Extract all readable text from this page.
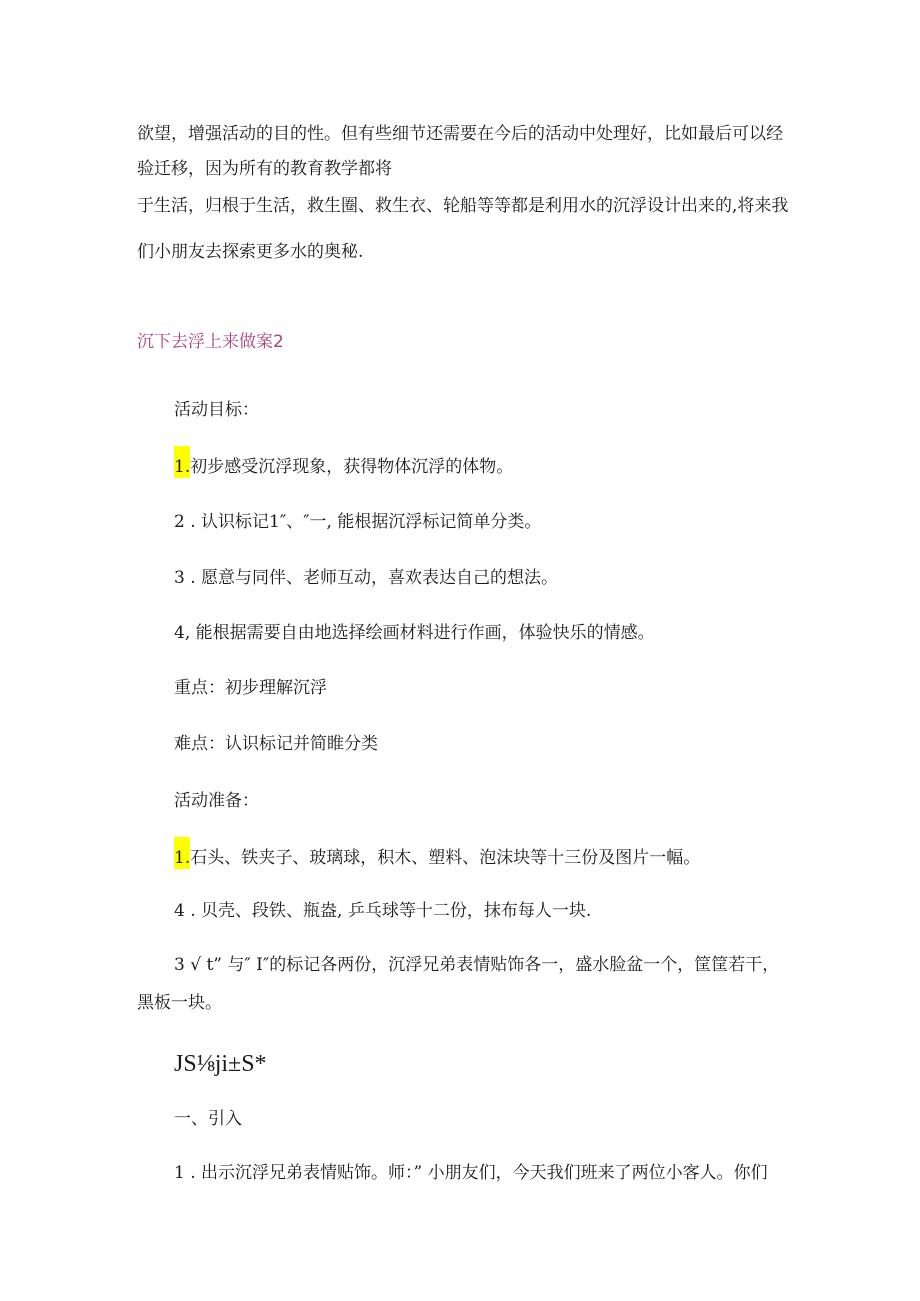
欲望，增强活动的目的性。但有些细节还需要在今后的活动中处理好，比如最后可以经

验迁移，因为所有的教育教学都将

于生活，归根于生活，救生圈、救生衣、轮船等等都是利用水的沉浮设计出来的,将来我

们小朋友去探索更多水的奥秘.

沉下去浮上来做案2

活动目标：

1.初步感受沉浮现象，获得物体沉浮的体物。

2 . 认识标记1″、″一, 能根据沉浮标记简单分类。

3 . 愿意与同伴、老师互动，喜欢表达自己的想法。

4, 能根据需要自由地选择绘画材料进行作画，体验快乐的情感。

重点：初步理解沉浮

难点：认识标记并简睢分类

活动准备：

1.石头、铁夹子、玻璃球，积木、塑料、泡沫块等十三份及图片一幅。

4 . 贝壳、段铁、瓶盎, 乒乓球等十二份，抹布每人一块.

3 √ t” 与″ I″的标记各两份，沉浮兄弟表情贴饰各一，盛水脸盆一个，筐筐若干，

黑板一块。

JS⅛ji±S*

一、引入

1 . 出示沉浮兄弟表情贴饰。师：” 小朋友们，今天我们班来了两位小客人。你们
